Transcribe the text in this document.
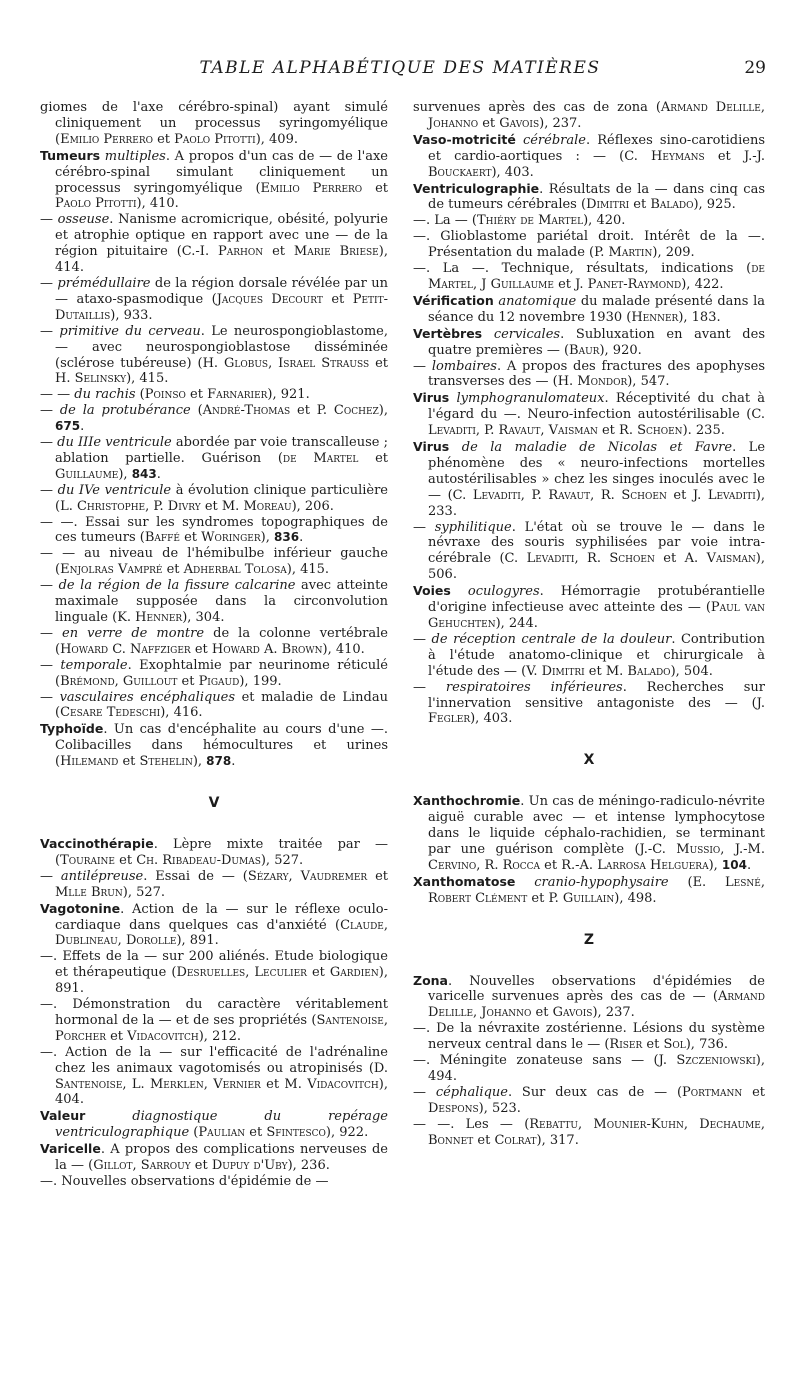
TABLE ALPHABÉTIQUE DES MATIÈRES	29

giomes de l'axe cérébro-spinal) ayant simulé cliniquement un processus syringomyélique (Emilio Perrero et Paolo Pitotti), 409.

Tumeurs multiples. A propos d'un cas de — de l'axe cérébro-spinal simulant cliniquement un processus syringomyélique (Emilio Perrero et Paolo Pitotti), 410.

— osseuse. Nanisme acromicrique, obésité, polyurie et atrophie optique en rapport avec une — de la région pituitaire (C.-I. Parhon et Marie Briese), 414.

— prémédullaire de la région dorsale révélée par un — ataxo-spasmodique (Jacques Decourt et Petit-Dutaillis), 933.

— primitive du cerveau. Le neurospongioblastome, — avec neurospongioblastose disséminée (sclérose tubéreuse) (H. Globus, Israel Strauss et H. Selinsky), 415.

— — du rachis (Poinso et Farnarier), 921.

— de la protubérance (André-Thomas et P. Cochez), 675.

— du IIIe ventricule abordée par voie transcalleuse ; ablation partielle. Guérison (de Martel et Guillaume), 843.

— du IVe ventricule à évolution clinique particulière (L. Christophe, P. Divry et M. Moreau), 206.

— —. Essai sur les syndromes topographiques de ces tumeurs (Baffé et Woringer), 836.

— — au niveau de l'hémibulbe inférieur gauche (Enjolras Vampré et Adherbal Tolosa), 415.

— de la région de la fissure calcarine avec atteinte maximale supposée dans la circonvolution linguale (K. Henner), 304.

— en verre de montre de la colonne vertébrale (Howard C. Naffziger et Howard A. Brown), 410.

— temporale. Exophtalmie par neurinome réticulé (Brémond, Guillout et Pigaud), 199.

— vasculaires encéphaliques et maladie de Lindau (Cesare Tedeschi), 416.

Typhoïde. Un cas d'encéphalite au cours d'une —. Colibacilles dans hémocultures et urines (Hilemand et Stehelin), 878.

V

Vaccinothérapie. Lèpre mixte traitée par — (Touraine et Ch. Ribadeau-Dumas), 527.

— antilépreuse. Essai de — (Sézary, Vaudremer et Mlle Brun), 527.

Vagotonine. Action de la — sur le réflexe oculo-cardiaque dans quelques cas d'anxiété (Claude, Dublineau, Dorolle), 891.

—. Effets de la — sur 200 aliénés. Etude biologique et thérapeutique (Desruelles, Leculier et Gardien), 891.

—. Démonstration du caractère véritablement hormonal de la — et de ses propriétés (Santenoise, Porcher et Vidacovitch), 212.

—. Action de la — sur l'efficacité de l'adrénaline chez les animaux vagotomisés ou atropinisés (D. Santenoise, L. Merklen, Vernier et M. Vidacovitch), 404.

Valeur	diagnostique du repérage ventriculographique (Paulian et Sfintesco), 922.

Varicelle. A propos des complications nerveuses de la — (Gillot, Sarrouy et Dupuy d'Uby), 236.

—. Nouvelles observations d'épidémie de —

survenues après des cas de zona (Armand Delille, Johanno et Gavois), 237.

Vaso-motricité cérébrale. Réflexes sino-carotidiens et cardio-aortiques : — (C. Heymans et J.-J. Bouckaert), 403.

Ventriculographie. Résultats de la — dans cinq cas de tumeurs cérébrales (Dimitri et Balado), 925.

—. La — (Thiéry de Martel), 420.

—. Glioblastome pariétal droit. Intérêt de la —. Présentation du malade (P. Martin), 209.

—. La —. Technique, résultats, indications (de Martel, J Guillaume et J. Panet-Raymond), 422.

Vérification anatomique du malade présenté dans la séance du 12 novembre 1930 (Henner), 183.

Vertèbres cervicales. Subluxation en avant des quatre premières — (Baur), 920.

— lombaires. A propos des fractures des apophyses transverses des — (H. Mondor), 547.

Virus lymphogranulomateux. Réceptivité du chat à l'égard du —. Neuro-infection autostérilisable (C. Levaditi, P. Ravaut, Vaisman et R. Schoen). 235.

Virus de la maladie de Nicolas et Favre. Le phénomène des « neuro-infections mortelles autostérilisables » chez les singes inoculés avec le — (C. Levaditi, P. Ravaut, R. Schoen et J. Levaditi), 233.

— syphilitique. L'état où se trouve le — dans le névraxe des souris syphilisées par voie intra-cérébrale (C. Levaditi, R. Schoen et A. Vaisman), 506.

Voies oculogyres. Hémorragie protubérantielle d'origine infectieuse avec atteinte des — (Paul van Gehuchten), 244.

— de réception centrale de la douleur. Contribution à l'étude anatomo-clinique et chirurgicale à l'étude des — (V. Dimitri et M. Balado), 504.

— respiratoires inférieures. Recherches sur l'innervation sensitive antagoniste des — (J. Fegler), 403.

X

Xanthochromie. Un cas de méningo-radiculo-névrite aiguë curable avec — et intense lymphocytose dans le liquide céphalo-rachidien, se terminant par une guérison complète (J.-C. Mussio, J.-M. Cervino, R. Rocca et R.-A. Larrosa Helguera), 104.

Xanthomatose cranio-hypophysaire (E. Lesné, Robert Clément et P. Guillain), 498.

Z

Zona. Nouvelles observations d'épidémies de varicelle survenues après des cas de — (Armand Delille, Johanno et Gavois), 237.

—. De la névraxite zostérienne. Lésions du système nerveux central dans le — (Riser et Sol), 736.

—. Méningite zonateuse sans — (J. Szczeniowski), 494.

— céphalique. Sur deux cas de — (Portmann et Despons), 523.

— —. Les — (Rebattu, Mounier-Kuhn, Dechaume, Bonnet et Colrat), 317.
